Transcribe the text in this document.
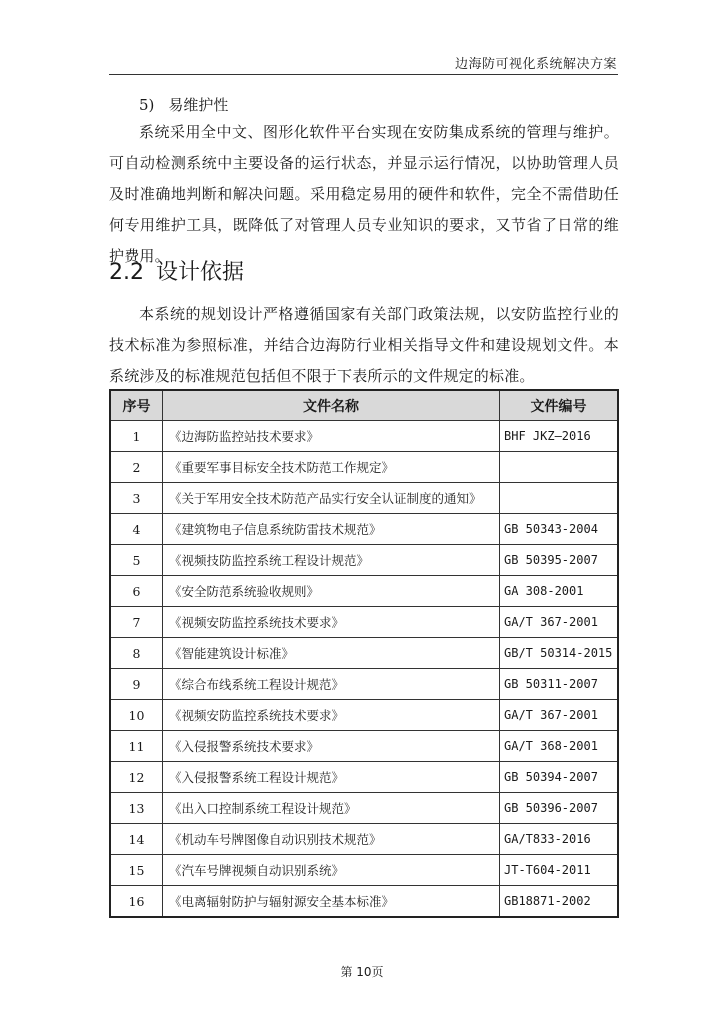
边海防可视化系统解决方案
5) 易维护性
系统采用全中文、图形化软件平台实现在安防集成系统的管理与维护。可自动检测系统中主要设备的运行状态，并显示运行情况，以协助管理人员及时准确地判断和解决问题。采用稳定易用的硬件和软件，完全不需借助任何专用维护工具，既降低了对管理人员专业知识的要求，又节省了日常的维护费用。
2.2 设计依据
本系统的规划设计严格遵循国家有关部门政策法规，以安防监控行业的技术标准为参照标准，并结合边海防行业相关指导文件和建设规划文件。本系统涉及的标准规范包括但不限于下表所示的文件规定的标准。
序号	文件名称	文件编号
1	《边海防监控站技术要求》	BHF JKZ—2016
2	《重要军事目标安全技术防范工作规定》	
3	《关于军用安全技术防范产品实行安全认证制度的通知》	
4	《建筑物电子信息系统防雷技术规范》	GB 50343-2004
5	《视频技防监控系统工程设计规范》	GB 50395-2007
6	《安全防范系统验收规则》	GA 308-2001
7	《视频安防监控系统技术要求》	GA/T 367-2001
8	《智能建筑设计标准》	GB/T 50314-2015
9	《综合布线系统工程设计规范》	GB 50311-2007
10	《视频安防监控系统技术要求》	GA/T 367-2001
11	《入侵报警系统技术要求》	GA/T 368-2001
12	《入侵报警系统工程设计规范》	GB 50394-2007
13	《出入口控制系统工程设计规范》	GB 50396-2007
14	《机动车号牌图像自动识别技术规范》	GA/T833-2016
15	《汽车号牌视频自动识别系统》	JT-T604-2011
16	《电离辐射防护与辐射源安全基本标准》	GB18871-2002
第 10页
